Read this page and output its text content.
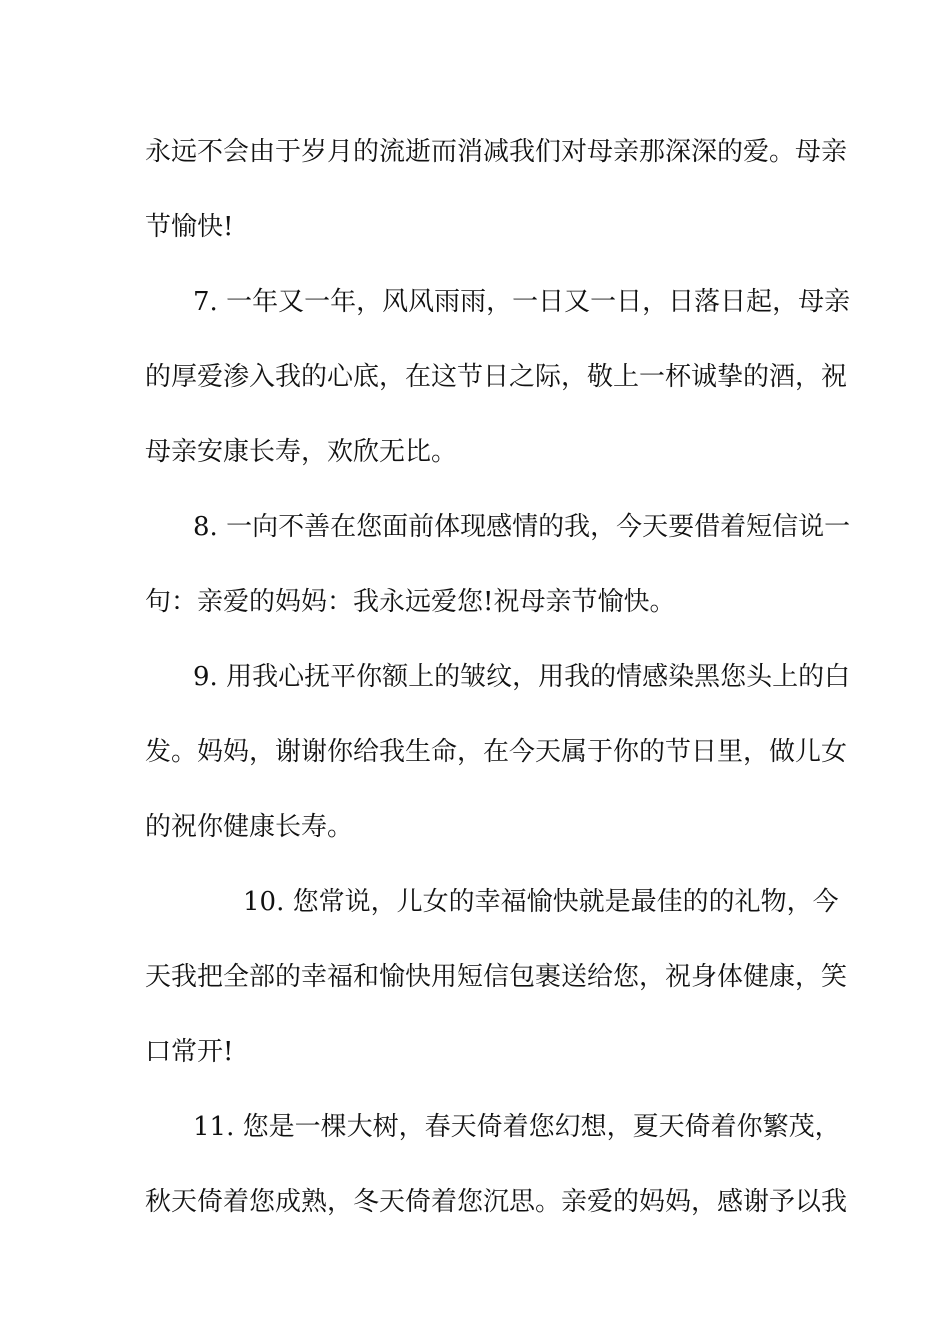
永远不会由于岁月的流逝而消减我们对母亲那深深的爱。母亲
节愉快!
7. 一年又一年，风风雨雨，一日又一日，日落日起，母亲
的厚爱渗入我的心底，在这节日之际，敬上一杯诚挚的酒，祝
母亲安康长寿，欢欣无比。
8. 一向不善在您面前体现感情的我，今天要借着短信说一
句：亲爱的妈妈：我永远爱您!祝母亲节愉快。
9. 用我心抚平你额上的皱纹，用我的情感染黑您头上的白
发。妈妈，谢谢你给我生命，在今天属于你的节日里，做儿女
的祝你健康长寿。
10. 您常说，儿女的幸福愉快就是最佳的的礼物，今
天我把全部的幸福和愉快用短信包裹送给您，祝身体健康，笑
口常开!
11. 您是一棵大树，春天倚着您幻想，夏天倚着你繁茂，
秋天倚着您成熟，冬天倚着您沉思。亲爱的妈妈，感谢予以我
